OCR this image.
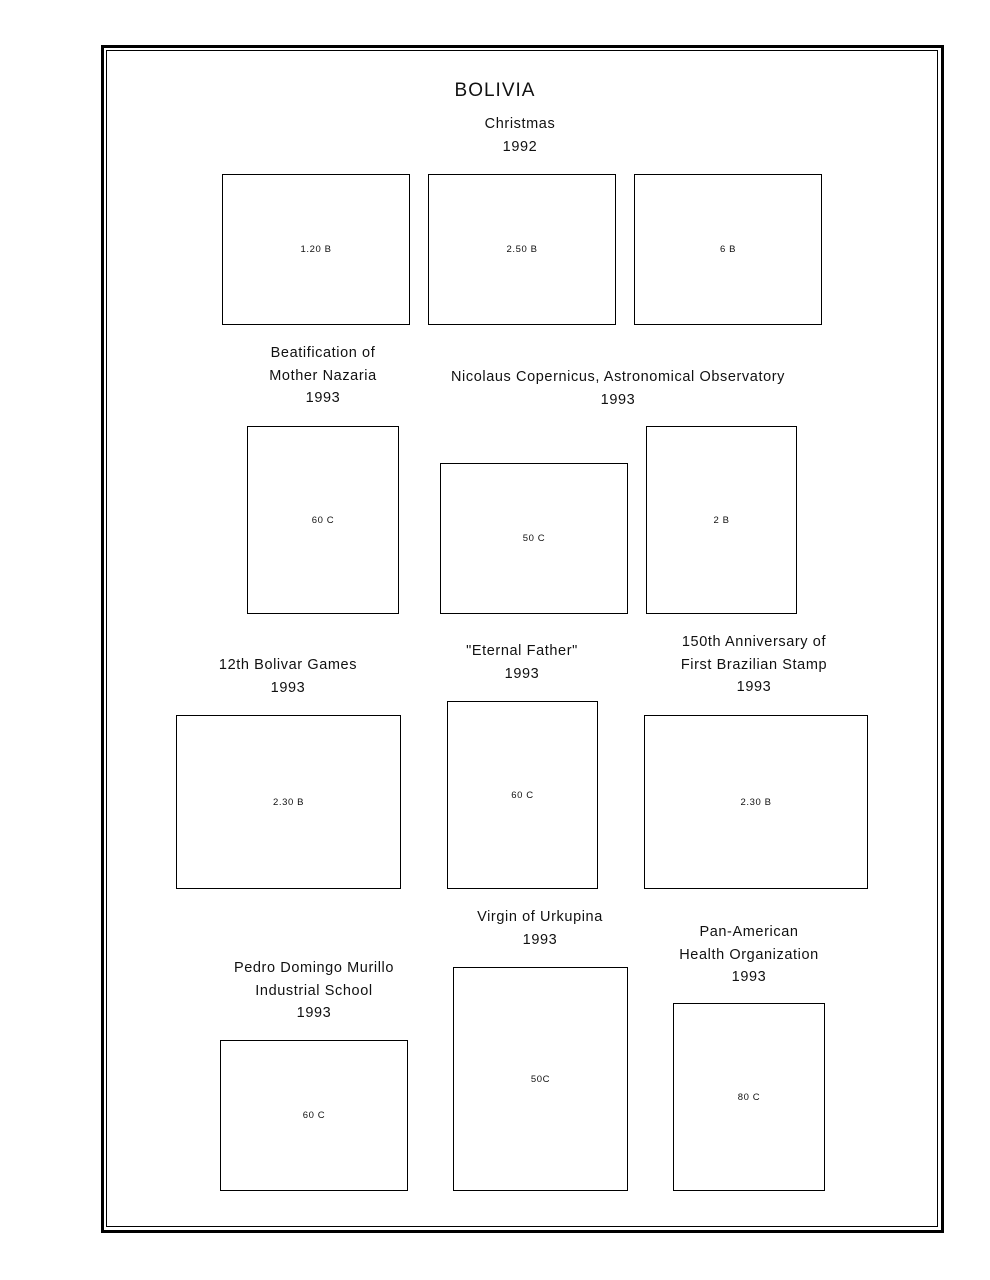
BOLIVIA
Christmas
1992
1.20 B	2.50 B	6 B
Beatification of
Mother Nazaria
1993
60 C
Nicolaus Copernicus, Astronomical Observatory
1993
50 C
2 B
12th Bolivar Games
1993
2.30 B
"Eternal Father"
1993
60 C
150th Anniversary of
First Brazilian Stamp
1993
2.30 B
Virgin of Urkupina
1993
50C
Pan-American
Health Organization
1993
80 C
Pedro Domingo Murillo
Industrial School
1993
60 C
